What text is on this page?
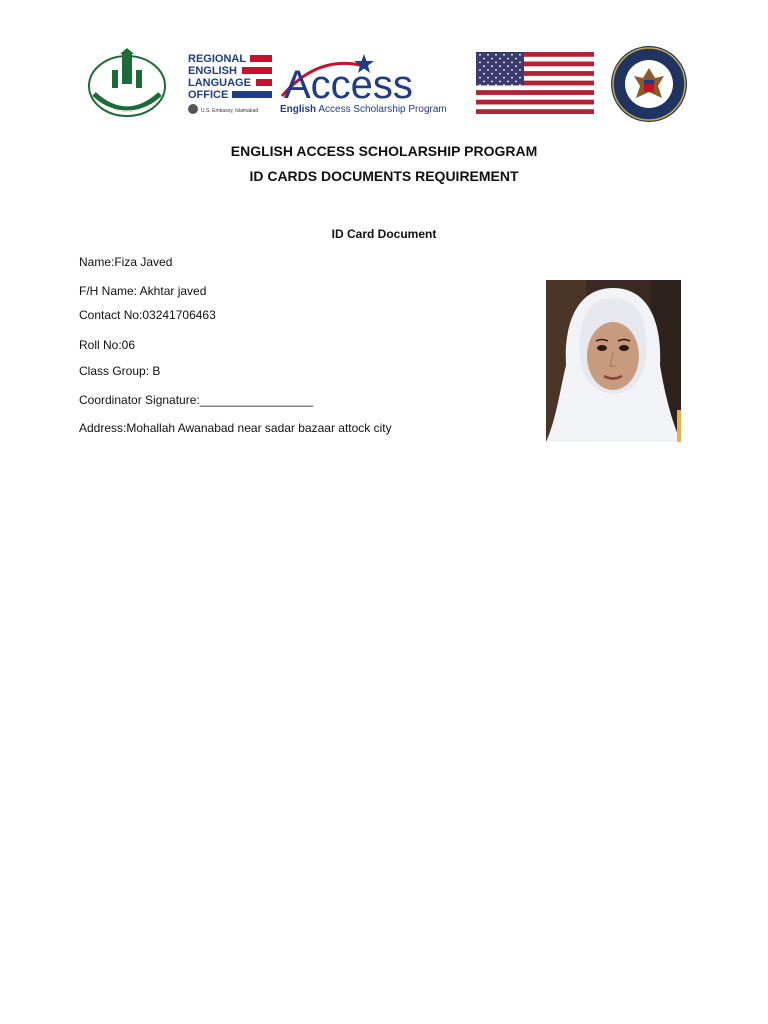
REGIONAL
ENGLISH
LANGUAGE
OFFICE
U.S. Embassy, Islamabad
Access
English Access Scholarship Program
ENGLISH ACCESS SCHOLARSHIP PROGRAM
ID CARDS DOCUMENTS REQUIREMENT
ID Card Document
Name:Fiza Javed
F/H Name: Akhtar javed
Contact No:03241706463
Roll No:06
Class Group: B
Coordinator Signature:_________________
Address:Mohallah Awanabad near sadar bazaar attock city
